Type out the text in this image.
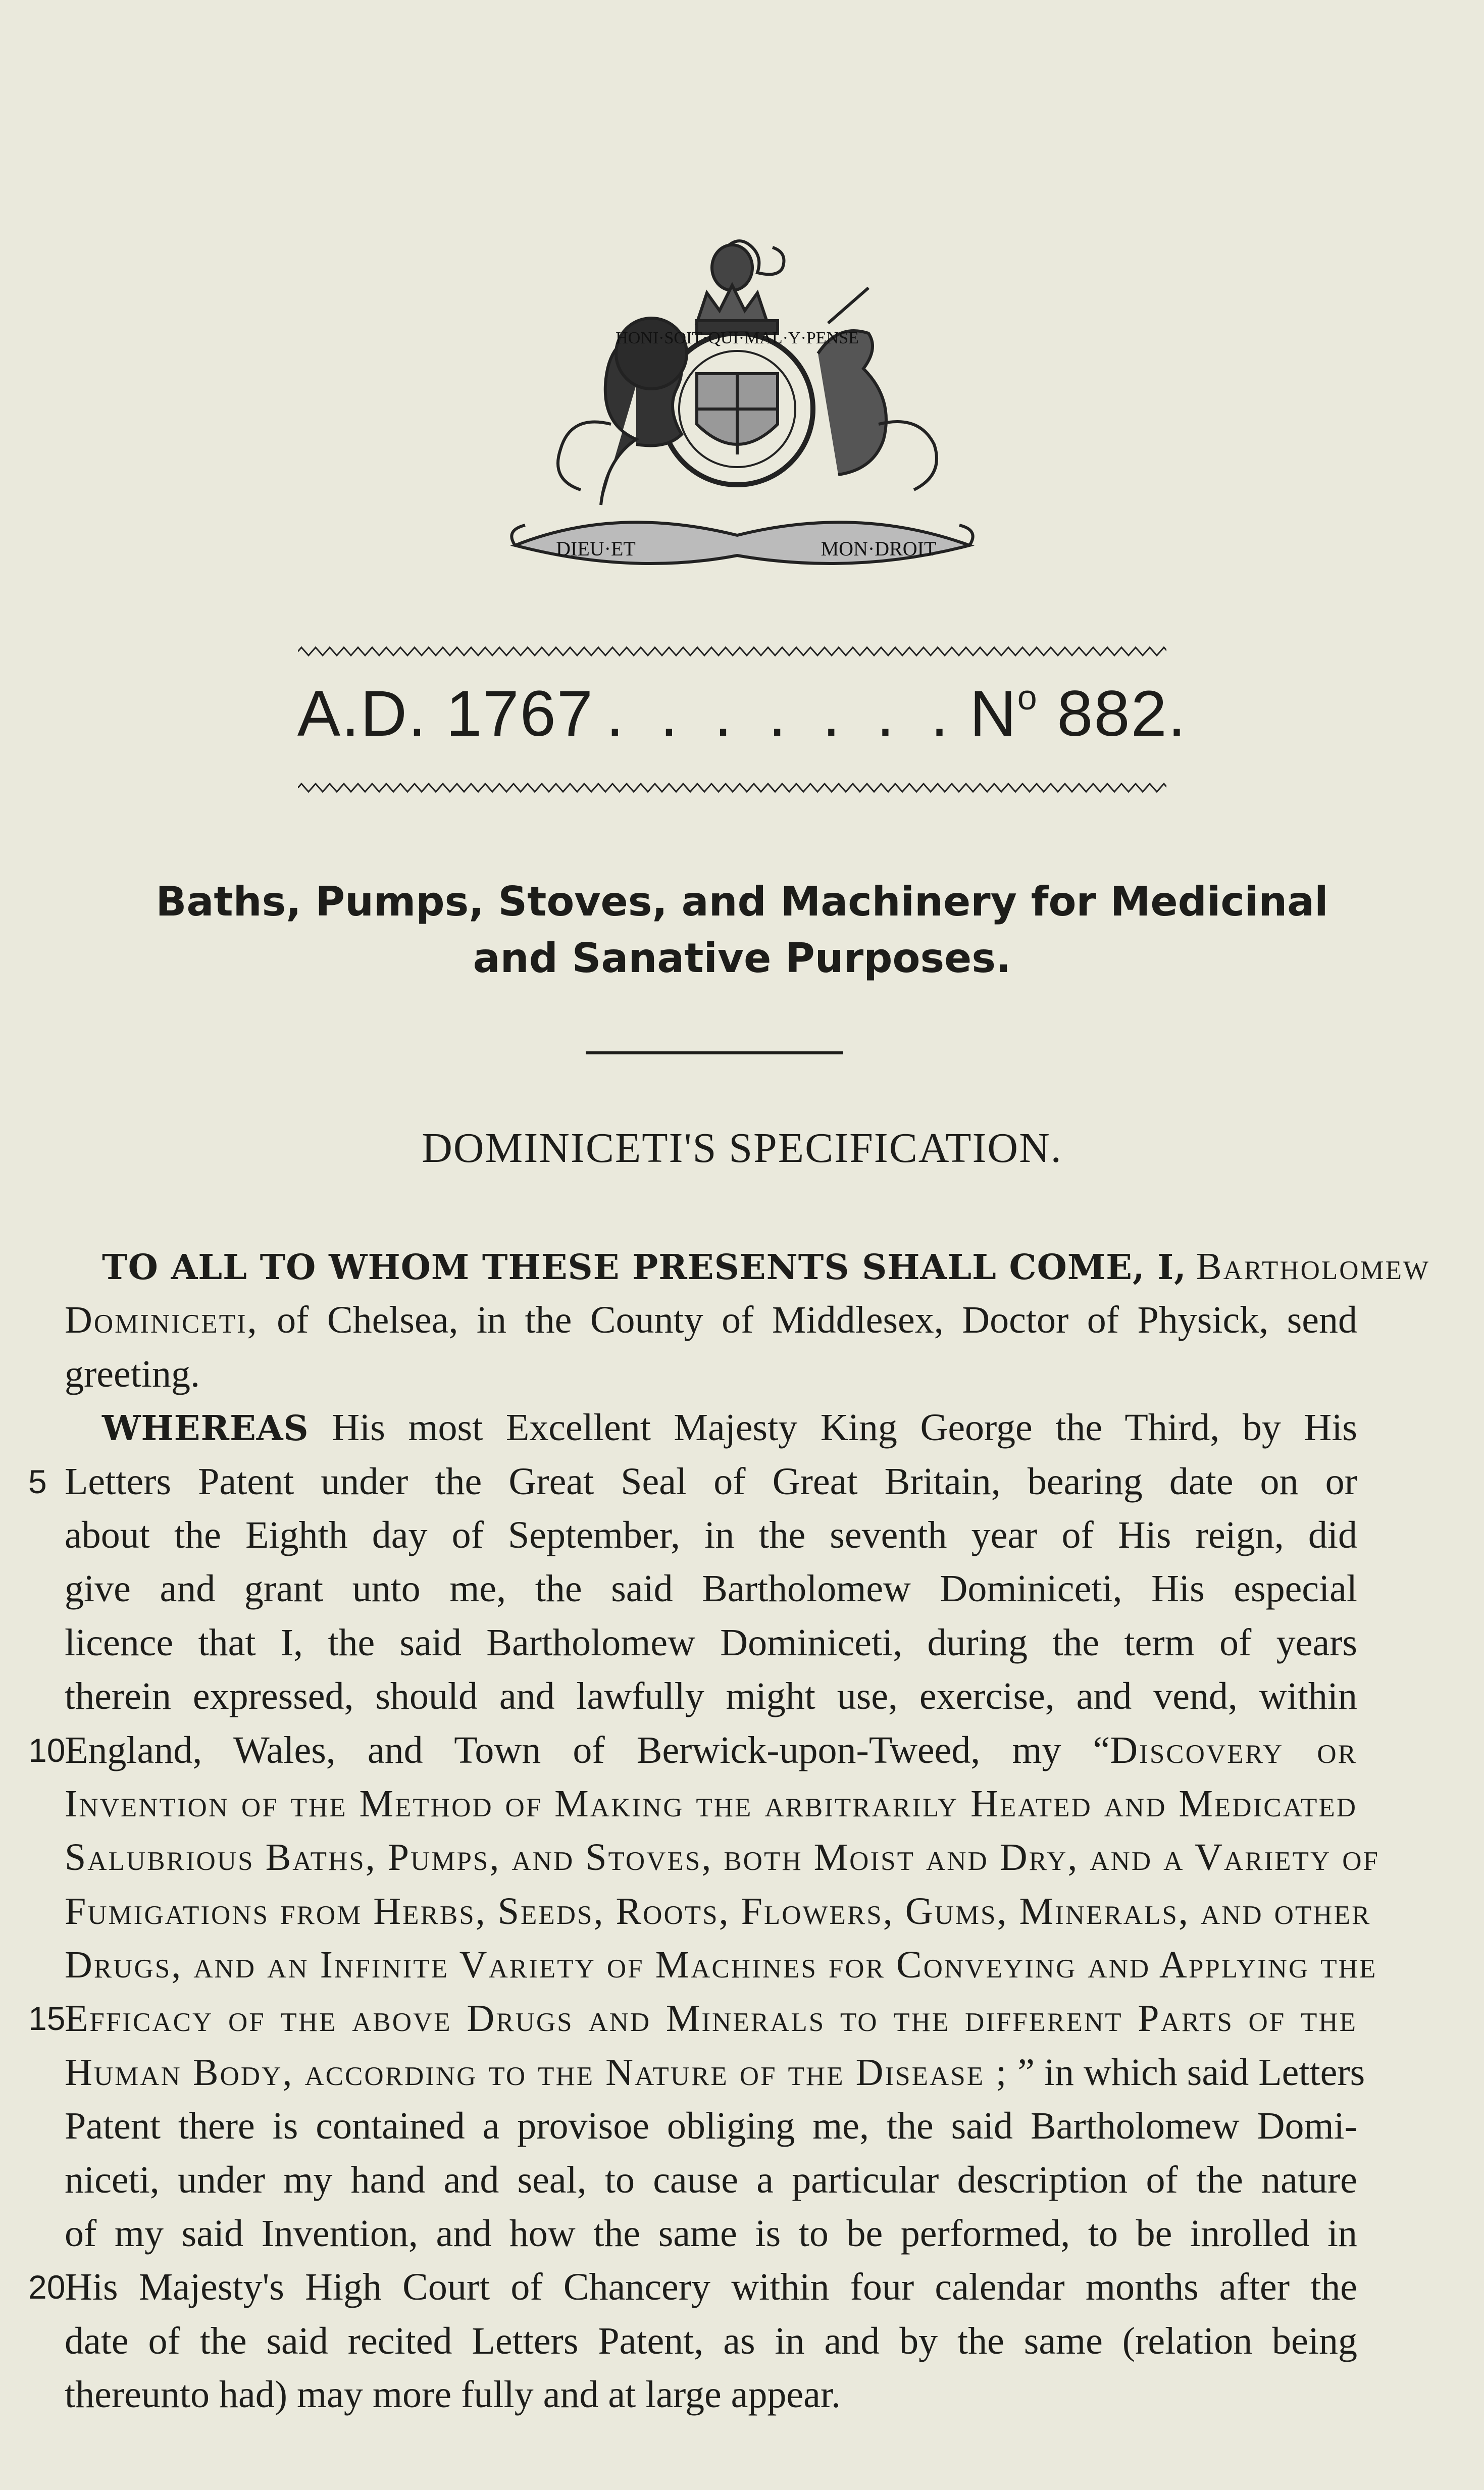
HONI·SOIT·QUI·MAL·Y·PENSE
DIEU·ET	MON·DROIT
A.D. 1767 . . . . . . . $N^o$ 882.
Baths, Pumps, Stoves, and Machinery for Medicinal
and Sanative Purposes.
DOMINICETI'S SPECIFICATION.
TO ALL TO WHOM THESE PRESENTS SHALL COME, I, Bartholomew
Dominiceti, of Chelsea, in the County of Middlesex, Doctor of Physick, send
greeting.
WHEREAS His most Excellent Majesty King George the Third, by His
5 Letters Patent under the Great Seal of Great Britain, bearing date on or
about the Eighth day of September, in the seventh year of His reign, did
give and grant unto me, the said Bartholomew Dominiceti, His especial
licence that I, the said Bartholomew Dominiceti, during the term of years
therein expressed, should and lawfully might use, exercise, and vend, within
10
England, Wales, and Town of Berwick-upon-Tweed, my “Discovery or
Invention of the Method of Making the arbitrarily Heated and Medicated
Salubrious Baths, Pumps, and Stoves, both Moist and Dry, and a Variety of
Fumigations from Herbs, Seeds, Roots, Flowers, Gums, Minerals, and other
Drugs, and an Infinite Variety of Machines for Conveying and Applying the
15
Efficacy of the above Drugs and Minerals to the different Parts of the
Human Body, according to the Nature of the Disease ; ” in which said Letters
Patent there is contained a provisoe obliging me, the said Bartholomew Domi-
niceti, under my hand and seal, to cause a particular description of the nature
of my said Invention, and how the same is to be performed, to be inrolled in
20
His Majesty's High Court of Chancery within four calendar months after the
date of the said recited Letters Patent, as in and by the same (relation being
thereunto had) may more fully and at large appear.
